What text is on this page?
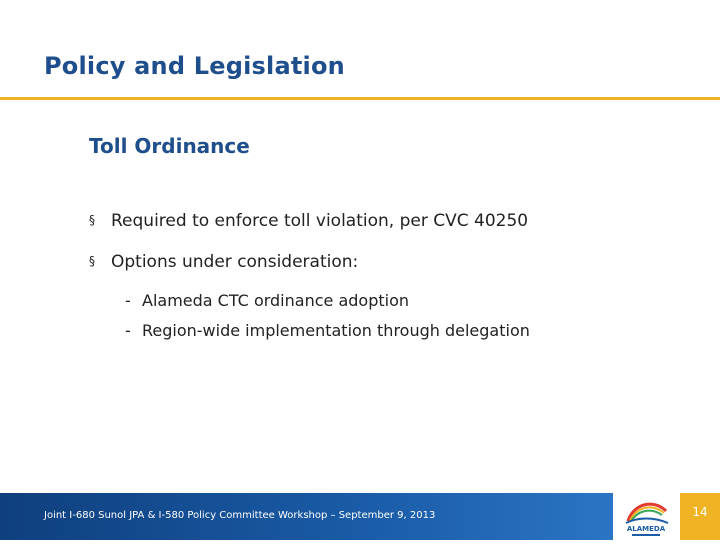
Policy and Legislation
Toll Ordinance
§ Required to enforce toll violation, per CVC 40250
§ Options under consideration:
- Alameda CTC ordinance adoption
- Region-wide implementation through delegation
Joint I-680 Sunol JPA & I-580 Policy Committee Workshop – September 9, 2013
ALAMEDA
14
